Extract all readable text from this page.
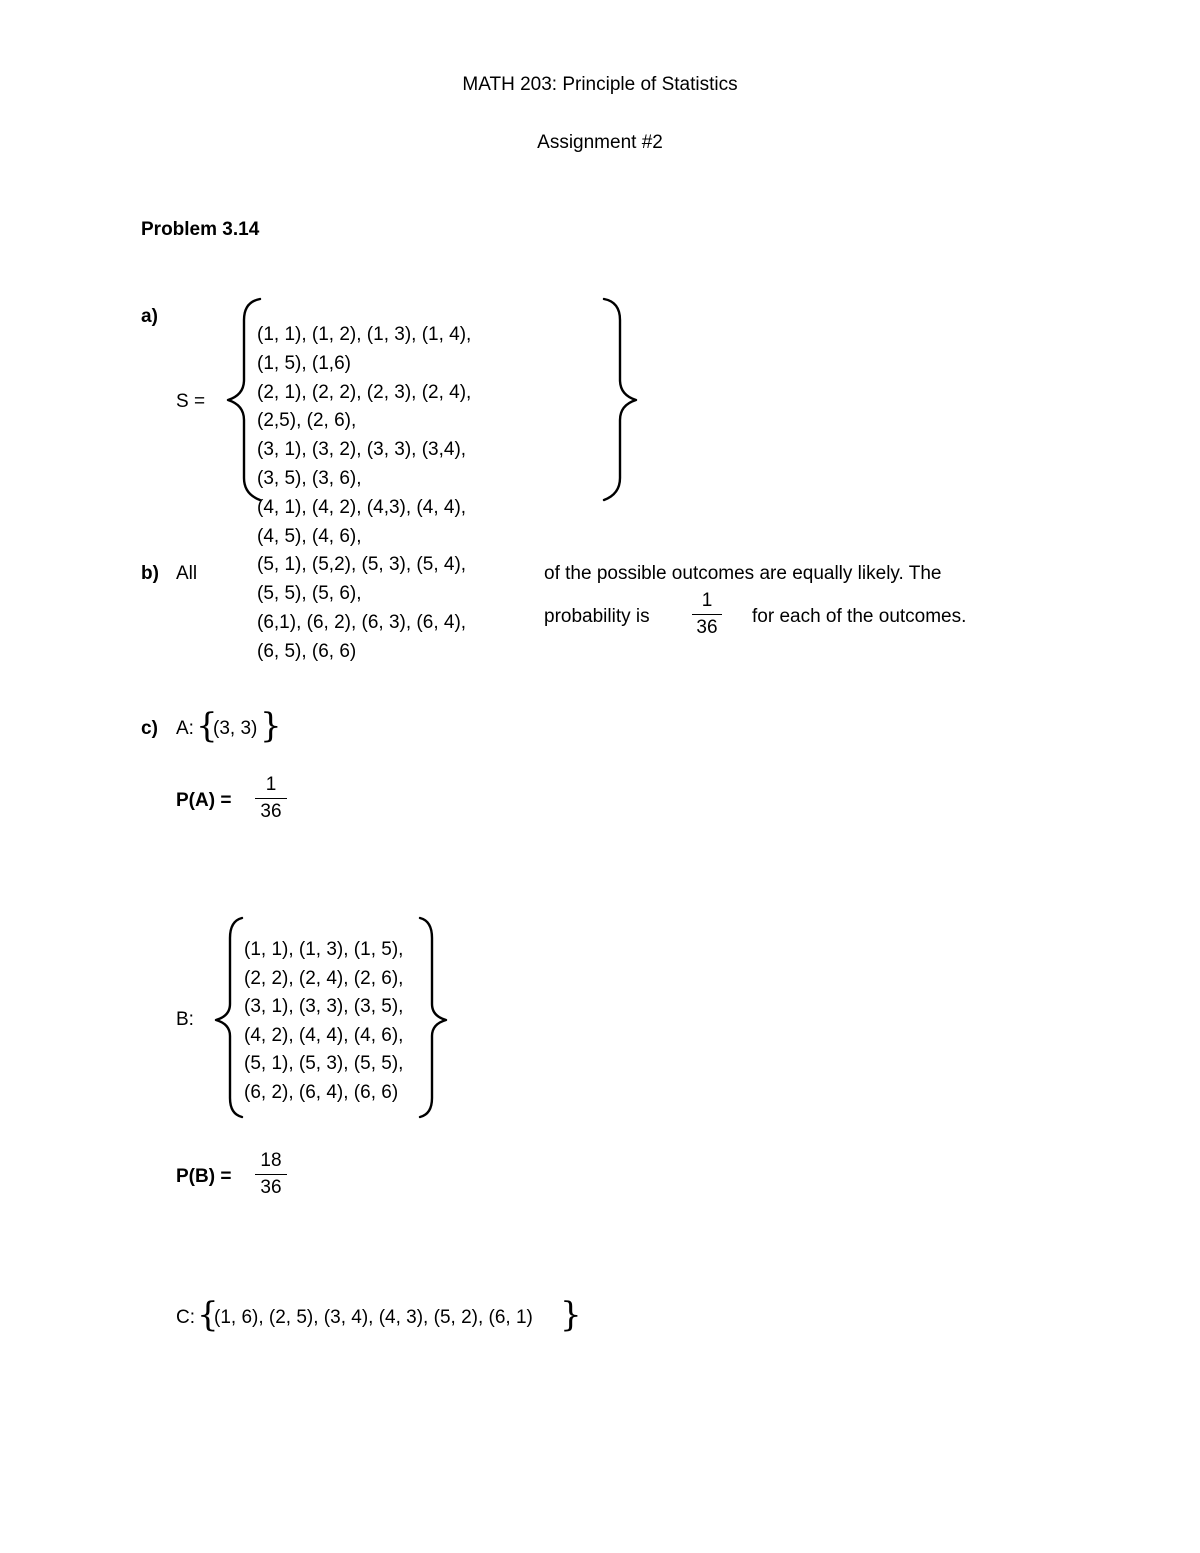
MATH 203: Principle of Statistics
Assignment #2
Problem 3.14
a)
S =
(1, 1), (1, 2), (1, 3), (1, 4),
(1, 5), (1,6)
(2, 1), (2, 2), (2, 3), (2, 4),
(2,5), (2, 6),
(3, 1), (3, 2), (3, 3), (3,4),
(3, 5), (3, 6),
(4, 1), (4, 2), (4,3), (4, 4),
(4, 5), (4, 6),
(5, 1), (5,2), (5, 3), (5, 4),
(5, 5), (5, 6),
(6,1), (6, 2), (6, 3), (6, 4),
(6, 5), (6, 6)
b) All	of the possible outcomes are equally likely. The
probability is
1
36
for each of the outcomes.
c) A: {
(3, 3) }
P(A) =
1
36
B:
(1, 1), (1, 3), (1, 5),
(2, 2), (2, 4), (2, 6),
(3, 1), (3, 3), (3, 5),
(4, 2), (4, 4), (4, 6),
(5, 1), (5, 3), (5, 5),
(6, 2), (6, 4), (6, 6)
P(B) =
18
36
C: {
(1, 6), (2, 5), (3, 4), (4, 3), (5, 2), (6, 1) }
